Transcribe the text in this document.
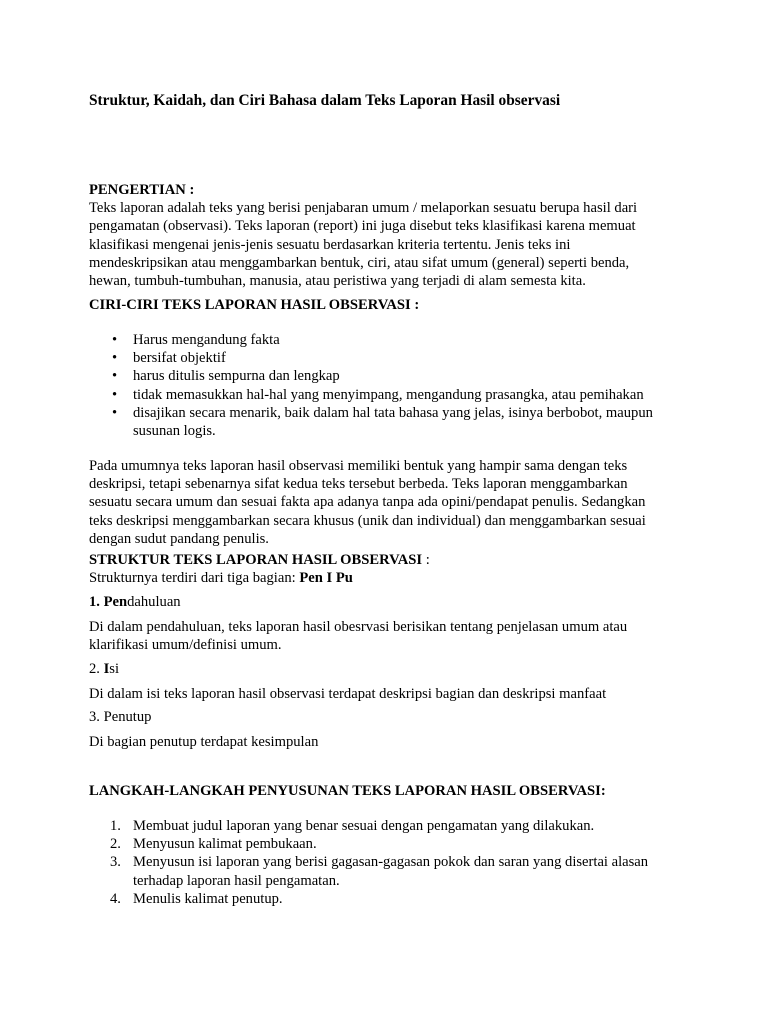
Struktur, Kaidah, dan Ciri Bahasa dalam Teks Laporan Hasil observasi
PENGERTIAN :
Teks laporan adalah teks yang berisi penjabaran umum / melaporkan sesuatu berupa hasil dari
pengamatan (observasi). Teks laporan (report) ini juga disebut teks klasifikasi karena memuat
klasifikasi mengenai jenis-jenis sesuatu berdasarkan kriteria tertentu. Jenis teks ini
mendeskripsikan atau menggambarkan bentuk, ciri, atau sifat umum (general) seperti benda,
hewan, tumbuh-tumbuhan, manusia, atau peristiwa yang terjadi di alam semesta kita.
CIRI-CIRI TEKS LAPORAN HASIL OBSERVASI :
• Harus mengandung fakta
• bersifat objektif
• harus ditulis sempurna dan lengkap
• tidak memasukkan hal-hal yang menyimpang, mengandung prasangka, atau pemihakan
• disajikan secara menarik, baik dalam hal tata bahasa yang jelas, isinya berbobot, maupun
susunan logis.
Pada umumnya teks laporan hasil observasi memiliki bentuk yang hampir sama dengan teks
deskripsi, tetapi sebenarnya sifat kedua teks tersebut berbeda. Teks laporan menggambarkan
sesuatu secara umum dan sesuai fakta apa adanya tanpa ada opini/pendapat penulis. Sedangkan
teks deskripsi menggambarkan secara khusus (unik dan individual) dan menggambarkan sesuai
dengan sudut pandang penulis.
STRUKTUR TEKS LAPORAN HASIL OBSERVASI :
Strukturnya terdiri dari tiga bagian: Pen I Pu
1. Pendahuluan
Di dalam pendahuluan, teks laporan hasil obesrvasi berisikan tentang penjelasan umum atau
klarifikasi umum/definisi umum.
2. Isi
Di dalam isi teks laporan hasil observasi terdapat deskripsi bagian dan deskripsi manfaat
3. Penutup
Di bagian penutup terdapat kesimpulan
LANGKAH-LANGKAH PENYUSUNAN TEKS LAPORAN HASIL OBSERVASI:
1. Membuat judul laporan yang benar sesuai dengan pengamatan yang dilakukan.
2. Menyusun kalimat pembukaan.
3. Menyusun isi laporan yang berisi gagasan-gagasan pokok dan saran yang disertai alasan
terhadap laporan hasil pengamatan.
4. Menulis kalimat penutup.
